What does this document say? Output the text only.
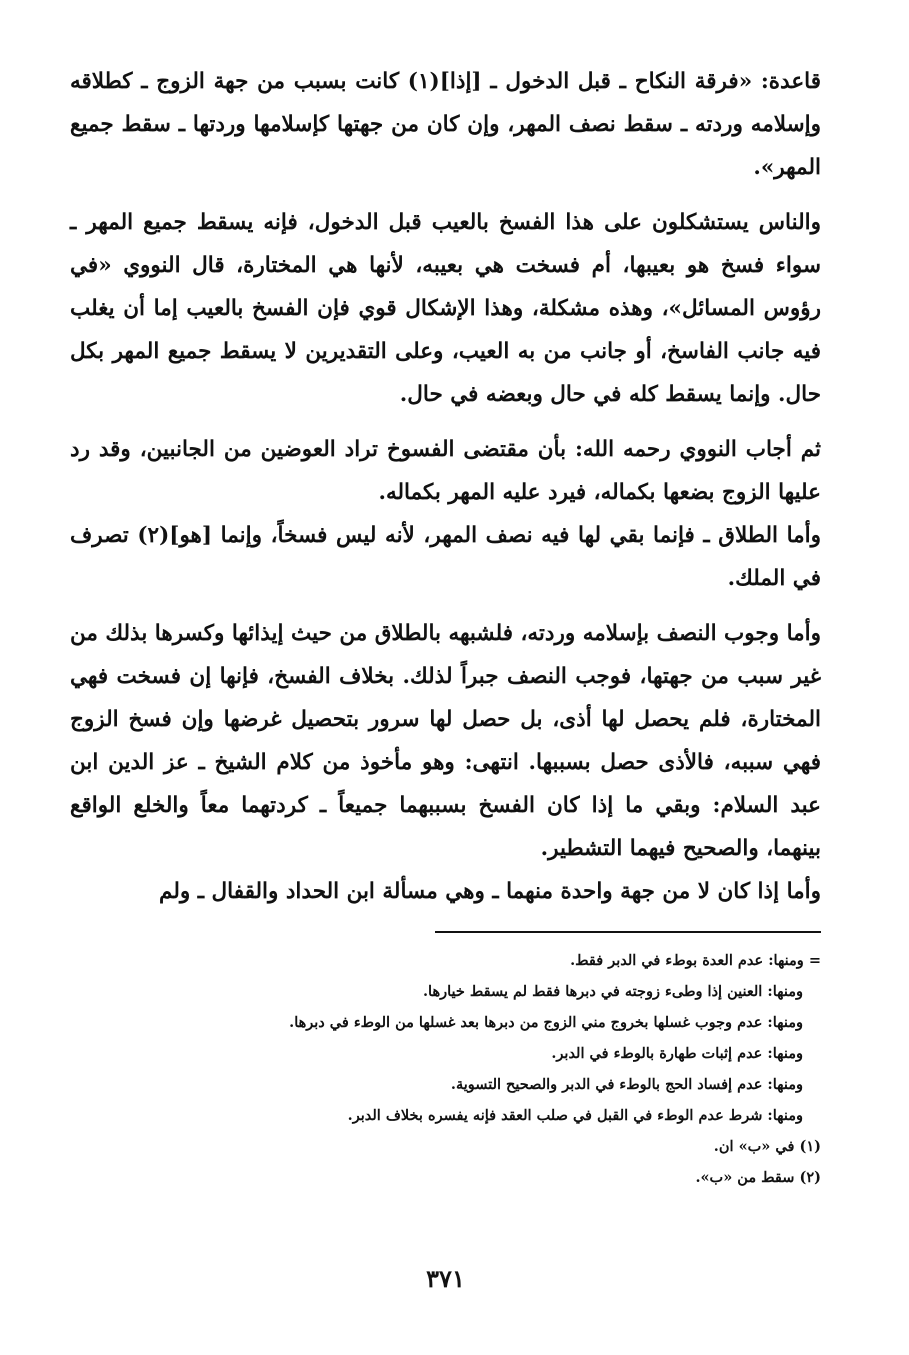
قاعدة: «فرقة النكاح ـ قبل الدخول ـ [إذا](١) كانت بسبب من جهة الزوج ـ كطلاقه وإسلامه وردته ـ سقط نصف المهر، وإن كان من جهتها كإسلامها وردتها ـ سقط جميع المهر».

والناس يستشكلون على هذا الفسخ بالعيب قبل الدخول، فإنه يسقط جميع المهر ـ سواء فسخ هو بعيبها، أم فسخت هي بعيبه، لأنها هي المختارة، قال النووي «في رؤوس المسائل»، وهذه مشكلة، وهذا الإشكال قوي فإن الفسخ بالعيب إما أن يغلب فيه جانب الفاسخ، أو جانب من به العيب، وعلى التقديرين لا يسقط جميع المهر بكل حال. وإنما يسقط كله في حال وبعضه في حال.

ثم أجاب النووي رحمه الله: بأن مقتضى الفسوخ تراد العوضين من الجانبين، وقد رد عليها الزوج بضعها بكماله، فيرد عليه المهر بكماله.

وأما الطلاق ـ فإنما بقي لها فيه نصف المهر، لأنه ليس فسخاً، وإنما [هو](٢) تصرف في الملك.

وأما وجوب النصف بإسلامه وردته، فلشبهه بالطلاق من حيث إيذائها وكسرها بذلك من غير سبب من جهتها، فوجب النصف جبراً لذلك. بخلاف الفسخ، فإنها إن فسخت فهي المختارة، فلم يحصل لها أذى، بل حصل لها سرور بتحصيل غرضها وإن فسخ الزوج فهي سببه، فالأذى حصل بسببها. انتهى: وهو مأخوذ من كلام الشيخ ـ عز الدين ابن عبد السلام: وبقي ما إذا كان الفسخ بسببهما جميعاً ـ كردتهما معاً والخلع الواقع بينهما، والصحيح فيهما التشطير.

وأما إذا كان لا من جهة واحدة منهما ـ وهي مسألة ابن الحداد والقفال ـ ولم

= ومنها: عدم العدة بوطء في الدبر فقط.
ومنها: العنين إذا وطىء زوجته في دبرها فقط لم يسقط خيارها.
ومنها: عدم وجوب غسلها بخروج مني الزوج من دبرها بعد غسلها من الوطء في دبرها.
ومنها: عدم إثبات طهارة بالوطء في الدبر.
ومنها: عدم إفساد الحج بالوطء في الدبر والصحيح التسوية.
ومنها: شرط عدم الوطء في القبل في صلب العقد فإنه يفسره بخلاف الدبر.
(١) في «ب» ان.
(٢) سقط من «ب».
٣٧١
